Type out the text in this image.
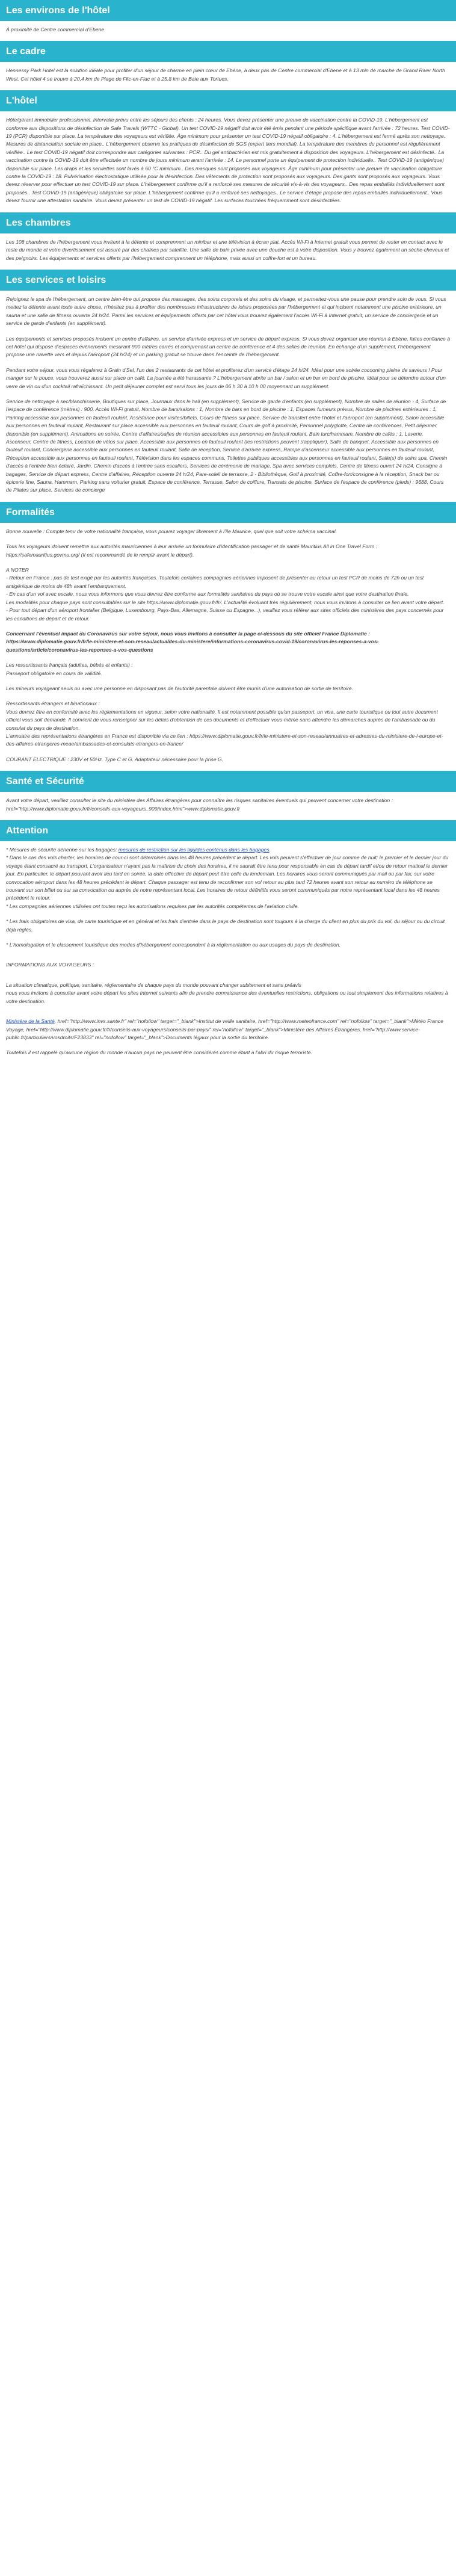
Les environs de l'hôtel

À proximité de Centre commercial d'Ebene

Le cadre

Hennessy Park Hotel est la solution idéale pour profiter d'un séjour de charme en plein cœur de Ebène, à deux pas de Centre commercial d'Ebene et à 13 min de marche de Grand River North West. Cet hôtel 4 se trouve à 20,4 km de Plage de Flic-en-Flac et à 25,8 km de Baie aux Tortues.

L'hôtel

Hôte/gérant immobilier professionnel. Intervalle prévu entre les séjours des clients : 24 heures. Vous devez présenter une preuve de vaccination contre la COVID-19. L'hébergement est conforme aux dispositions de désinfection de Safe Travels (WTTC - Global). Un test COVID-19 négatif doit avoir été émis pendant une période spécifique avant l'arrivée : 72 heures. Test COVID-19 (PCR) disponible sur place. La température des voyageurs est vérifiée. Âge minimum pour présenter un test COVID-19 négatif obligatoire : 4. L'hébergement est fermé après son nettoyage. Mesures de distanciation sociale en place.. L'hébergement observe les pratiques de désinfection de SGS (expert tiers mondial). La température des membres du personnel est régulièrement vérifiée.. Le test COVID-19 négatif doit correspondre aux catégories suivantes : PCR.. Du gel antibactérien est mis gratuitement à disposition des voyageurs. L'hébergement est désinfecté.. La vaccination contre la COVID-19 doit être effectuée un nombre de jours minimum avant l'arrivée : 14. Le personnel porte un équipement de protection individuelle.. Test COVID-19 (antigénique) disponible sur place. Les draps et les serviettes sont lavés à 60 °C minimum.. Des masques sont proposés aux voyageurs. Âge minimum pour présenter une preuve de vaccination obligatoire contre la COVID-19 : 18. Pulvérisation électrostatique utilisée pour la désinfection. Des vêtements de protection sont proposés aux voyageurs. Des gants sont proposés aux voyageurs. Vous devez réserver pour effectuer un test COVID-19 sur place. L'hébergement confirme qu'il a renforcé ses mesures de sécurité vis-à-vis des voyageurs.. Des repas emballés individuellement sont proposés.. Test COVID-19 (antigénique) obligatoire sur place. L'hébergement confirme qu'il a renforcé ses nettoyages.. Le service d'étage propose des repas emballés individuellement.. Vous devez fournir une attestation sanitaire. Vous devez présenter un test de COVID-19 négatif. Les surfaces touchées fréquemment sont désinfectées.

Les chambres

Les 108 chambres de l'hébergement vous invitent à la détente et comprennent un minibar et une télévision à écran plat. Accès Wi-Fi à Internet gratuit vous permet de rester en contact avec le reste du monde et votre divertissement est assuré par des chaînes par satellite. Une salle de bain privée avec une douche est à votre disposition. Vous y trouvez également un sèche-cheveux et des peignoirs. Les équipements et services offerts par l'hébergement comprennent un téléphone, mais aussi un coffre-fort et un bureau.

Les services et loisirs

Rejoignez le spa de l'hébergement, un centre bien-être qui propose des massages, des soins corporels et des soins du visage, et permettez-vous une pause pour prendre soin de vous. Si vous mettez la détente avant toute autre chose, n'hésitez pas à profiter des nombreuses infrastructures de loisirs proposées par l'hébergement et qui incluent notamment une piscine extérieure, un sauna et une salle de fitness ouverte 24 h/24. Parmi les services et équipements offerts par cet hôtel vous trouvez également l'accès Wi-Fi à Internet gratuit, un service de conciergerie et un service de garde d'enfants (en supplément).

Les équipements et services proposés incluent un centre d'affaires, un service d'arrivée express et un service de départ express. Si vous devez organiser une réunion à Ebène, faites confiance à cet hôtel qui dispose d'espaces événements mesurant 900 mètres carrés et comprenant un centre de conférence et 4 des salles de réunion. En échange d'un supplément, l'hébergement propose une navette vers et depuis l'aéroport (24 h/24) et un parking gratuit se trouve dans l'enceinte de l'hébergement.

Pendant votre séjour, vous vous régalerez à Grain d'Sel, l'un des 2 restaurants de cet hôtel et profiterez d'un service d'étage 24 h/24. Idéal pour une soirée cocooning pleine de saveurs ! Pour manger sur le pouce, vous trouverez aussi sur place un café. La journée a été harassante ? L'hébergement abrite un bar / salon et un bar en bord de piscine, idéal pour se détendre autour d'un verre de vin ou d'un cocktail rafraîchissant. Un petit déjeuner complet est servi tous les jours de 06 h 30 à 10 h 00 moyennant un supplément.

Service de nettoyage à sec/blanchisserie, Boutiques sur place, Journaux dans le hall (en supplément), Service de garde d'enfants (en supplément), Nombre de salles de réunion - 4, Surface de l'espace de conférence (mètres) : 900, Accès Wi-Fi gratuit, Nombre de bars/salons : 1, Nombre de bars en bord de piscine : 1, Espaces fumeurs prévus, Nombre de piscines extérieures : 1, Parking accessible aux personnes en fauteuil roulant, Assistance pour visites/billets, Cours de fitness sur place, Service de transfert entre l'hôtel et l'aéroport (en supplément), Salon accessible aux personnes en fauteuil roulant, Restaurant sur place accessible aux personnes en fauteuil roulant, Cours de golf à proximité, Personnel polyglotte, Centre de conférences, Petit déjeuner disponible (en supplément), Animations en soirée, Centre d'affaires/salles de réunion accessibles aux personnes en fauteuil roulant, Bain turc/hammam, Nombre de cafés : 1, Laverie, Ascenseur, Centre de fitness, Location de vélos sur place, Accessible aux personnes en fauteuil roulant (les restrictions peuvent s'appliquer), Salle de banquet, Accessible aux personnes en fauteuil roulant, Conciergerie accessible aux personnes en fauteuil roulant, Salle de réception, Service d'arrivée express, Rampe d'ascenseur accessible aux personnes en fauteuil roulant, Réception accessible aux personnes en fauteuil roulant, Télévision dans les espaces communs, Toilettes publiques accessibles aux personnes en fauteuil roulant, Salle(s) de soins spa, Chemin d'accès à l'entrée bien éclairé, Jardin, Chemin d'accès à l'entrée sans escaliers, Services de cérémonie de mariage, Spa avec services complets, Centre de fitness ouvert 24 h/24, Consigne à bagages, Service de départ express, Centre d'affaires, Réception ouverte 24 h/24, Pare-soleil de terrasse, 2 - Bibliothèque, Golf à proximité, Coffre-fort/consigne à la réception, Snack bar ou épicerie fine, Sauna, Hammam, Parking sans voiturier gratuit, Espace de conférence, Terrasse, Salon de coiffure, Transats de piscine, Surface de l'espace de conférence (pieds) : 9688, Cours de Pilates sur place, Services de concierge

Formalités

Bonne nouvelle : Compte tenu de votre nationalité française, vous pouvez voyager librement à l'île Maurice, quel que soit votre schéma vaccinal.

Tous les voyageurs doivent remettre aux autorités mauriciennes à leur arrivée un formulaire d'identification passager et de santé Mauritius All in One Travel Form : https://safemauritius.govmu.org/ (Il est recommandé de le remplir avant le départ).

A NOTER
- Retour en France : pas de test exigé par les autorités françaises. Toutefois certaines compagnies aériennes imposent de présenter au retour un test PCR de moins de 72h ou un test antigénique de moins de 48h avant l'embarquement.
- En cas d'un vol avec escale, nous vous informons que vous devrez être conforme aux formalités sanitaires du pays où se trouve votre escale ainsi que votre destination finale.
Les modalités pour chaque pays sont consultables sur le site https://www.diplomatie.gouv.fr/fr/. L'actualité évoluant très régulièrement, nous vous invitons à consulter ce lien avant votre départ.
- Pour tout départ d'un aéroport frontalier (Belgique, Luxembourg, Pays-Bas, Allemagne, Suisse ou Espagne...), veuillez vous référer aux sites officiels des ministères des pays concernés pour les conditions de départ et de retour.

Concernant l'éventuel impact du Coronavirus sur votre séjour, nous vous invitons à consulter la page ci-dessous du site officiel France Diplomatie : https://www.diplomatie.gouv.fr/fr/le-ministere-et-son-reseau/actualites-du-ministere/informations-coronavirus-covid-19/coronavirus-les-reponses-a-vos-questions/article/coronavirus-les-reponses-a-vos-questions

Les ressortissants français (adultes, bébés et enfants) :
Passeport obligatoire en cours de validité.

Les mineurs voyageant seuls ou avec une personne en disposant pas de l'autorité parentale doivent être munis d'une autorisation de sortie de territoire.

Ressortissants étrangers et binationaux :
Vous devrez être en conformité avec les réglementations en vigueur, selon votre nationalité. Il est notamment possible qu'un passeport, un visa, une carte touristique ou tout autre document officiel vous soit demandé. Il convient de vous renseigner sur les délais d'obtention de ces documents et d'effectuer vous-même sans attendre les démarches auprès de l'ambassade ou du consulat du pays de destination.
L'annuaire des représentations étrangères en France est disponible via ce lien : https://www.diplomatie.gouv.fr/fr/le-ministere-et-son-reseau/annuaires-et-adresses-du-ministere-de-l-europe-et-des-affaires-etrangeres-meae/ambassades-et-consulats-etrangers-en-france/

COURANT ELECTRIQUE : 230V et 50Hz. Type C et G. Adaptateur nécessaire pour la prise G.

Santé et Sécurité

Avant votre départ, veuillez consulter le site du ministère des Affaires étrangères pour connaître les risques sanitaires éventuels qui peuvent concerner votre destination : href="http://www.diplomatie.gouv.fr/fr/conseils-aux-voyageurs_909/index.html">www.diplomatie.gouv.fr

Attention

* Mesures de sécurité aérienne sur les bagages: mesures de restriction sur les liquides contenus dans les bagages.
* Dans le cas des vols charter, les horaires de cour-ci sont déterminés dans les 48 heures précédent le départ. Les vols peuvent s'effectuer de jour comme de nuit; le premier et le dernier jour du voyage étant consacré au transport. L'organisateur n'ayant pas la maîtrise du choix des horaires, il ne saurait être tenu pour responsable en cas de départ tardif et/ou de retour matinal le dernier jour. En particulier, le départ pouvant avoir lieu tard en soirée, la date effective de départ peut être celle du lendemain. Les horaires vous seront communiqués par mail ou par fax, sur votre convocation aéroport dans les 48 heures précédant le départ. Chaque passager est tenu de reconfirmer son vol retour au plus tard 72 heures avant son retour au numéro de téléphone se trouvant sur son billet ou sur sa convocation ou auprès de notre représentant local. Les horaires de retour définitifs vous seront communiqués par notre représentant local dans les 48 heures précédent le retour.
* Les compagnies aériennes utilisées ont toutes reçu les autorisations requises par les autorités compétentes de l'aviation civile.

* Les frais obligatoires de visa, de carte touristique et en général et les frais d'entrée dans le pays de destination sont toujours à la charge du client en plus du prix du vol, du séjour ou du circuit déjà réglés.

* L'homologation et le classement touristique des modes d'hébergement correspondent à la réglementation ou aux usages du pays de destination.

INFORMATIONS AUX VOYAGEURS :

La situation climatique, politique, sanitaire, réglementaire de chaque pays du monde pouvant changer subitement et sans préavis
nous vous invitons à consulter avant votre départ les sites Internet suivants afin de prendre connaissance des éventuelles restrictions, obligations ou tout simplement des informations relatives à votre destination.

Ministère de la Santé, href="http://www.invs.sante.fr" rel="nofollow" target="_blank">Institut de veille sanitaire, href="http://www.meteofrance.com" rel="nofollow" target="_blank">Météo France Voyage, href="http://www.diplomatie.gouv.fr/fr/conseils-aux-voyageurs/conseils-par-pays/" rel="nofollow" target="_blank">Ministère des Affaires Étrangères, href="http://www.service-public.fr/particuliers/vosdroits/F23833" rel="nofollow" target="_blank">Documents légaux pour la sortie du territoire.

Toutefois il est rappelé qu'aucune région du monde n'aucun pays ne peuvent être considérés comme étant à l'abri du risque terroriste.
